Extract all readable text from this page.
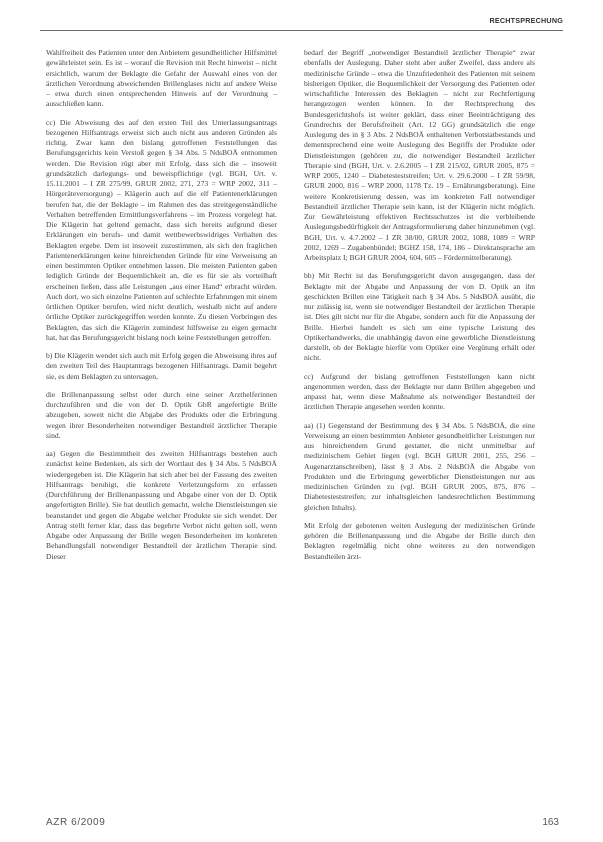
RECHTSPRECHUNG

Wahlfreiheit des Patienten unter den Anbietern gesundheitlicher Hilfsmittel gewährleistet sein. Es ist – worauf die Revision mit Recht hinweist – nicht ersichtlich, warum der Beklagte die Gefahr der Auswahl eines von der ärztlichen Verordnung abweichenden Brillenglases nicht auf andere Weise – etwa durch einen entsprechenden Hinweis auf der Verordnung – ausschließen kann.

cc) Die Abweisung des auf den ersten Teil des Unterlassungsantrags bezogenen Hilfsantrags erweist sich auch nicht aus anderen Gründen als richtig. Zwar kann den bislang getroffenen Feststellungen das Berufungsgerichts kein Verstoß gegen § 34 Abs. 5 NdsBOÄ entnommen werden. Die Revision rügt aber mit Erfolg, dass sich die – insoweit grundsätzlich darlegungs- und beweispflichtige (vgl. BGH, Urt. v. 15.11.2001 – I ZR 275/99, GRUR 2002, 271, 273 = WRP 2002, 311 – Hörgeräteversorgung) – Klägerin auch auf die elf Patientenerklärungen berufen hat, die der Beklagte – im Rahmen des das streitgegenständliche Verhalten betreffenden Ermittlungsverfahrens – im Prozess vorgelegt hat. Die Klägerin hat geltend gemacht, dass sich bereits aufgrund dieser Erklärungen ein berufs- und damit wettbewerbswidriges Verhalten des Beklagten ergebe. Dem ist insoweit zuzustimmen, als sich den fraglichen Patientenerklärungen keine hinreichenden Gründe für eine Verweisung an einen bestimmten Optiker entnehmen lassen. Die meisten Patienten gaben lediglich Gründe der Bequemlichkeit an, die es für sie als vorteilhaft erscheinen ließen, dass alle Leistungen „aus einer Hand“ erbracht würden. Auch dort, wo sich einzelne Patienten auf schlechte Erfahrungen mit einem örtlichen Optiker berufen, wird nicht deutlich, weshalb nicht auf andere örtliche Optiker zurückgegriffen werden konnte. Zu diesen Vorbringen des Beklagten, das sich die Klägerin zumindest hilfsweise zu eigen gemacht hat, hat das Berufungsgericht bislang noch keine Feststellungen getroffen.

b) Die Klägerin wendet sich auch mit Erfolg gegen die Abweisung ihres auf den zweiten Teil des Hauptantrags bezogenen Hilfsantrags. Damit begehrt sie, es dem Beklagten zu untersagen,

die Brillenanpassung selbst oder durch eine seiner Arzthelferinnen durchzuführen und die von der D. Optik GbR angefertigte Brille abzugeben, soweit nicht die Abgabe des Produkts oder die Erbringung wegen ihrer Besonderheiten notwendiger Bestandteil ärztlicher Therapie sind.

aa) Gegen die Bestimmtheit des zweiten Hilfsantrags bestehen auch zunächst keine Bedenken, als sich der Wortlaut des § 34 Abs. 5 NdsBOÄ wiedergegeben ist. Die Klägerin hat sich aber bei der Fassung des zweiten Hilfsantrags beruhigt, die konkrete Verletzungsform zu erfassen (Durchführung der Brillenanpassung und Abgabe einer von der D. Optik angefertigten Brille). Sie hat deutlich gemacht, welche Dienstleistungen sie beanstandet und gegen die Abgabe welcher Produkte sie sich wendet. Der Antrag stellt ferner klar, dass das begehrte Verbot nicht gelten soll, wenn Abgabe oder Anpassung der Brille wegen Besonderheiten im konkreten Behandlungsfall notwendiger Bestandteil der ärztlichen Therapie sind. Dieser

bedarf der Begriff „notwendiger Bestandteil ärztlicher Therapie“ zwar ebenfalls der Auslegung. Daher steht aber außer Zweifel, dass andere als medizinische Gründe – etwa die Unzufriedenheit des Patienten mit seinem bisherigen Optiker, die Bequemlichkeit der Versorgung des Patienten oder wirtschaftliche Interessen des Beklagten – nicht zur Rechtfertigung herangezogen werden können. In der Rechtsprechung des Bundesgerichtshofs ist weiter geklärt, dass einer Beeinträchtigung des Grundrechts der Berufsfreiheit (Art. 12 GG) grundsätzlich die enge Auslegung des in § 3 Abs. 2 NdsBOÄ enthaltenen Verbotstatbestands und dementsprechend eine weite Auslegung des Begriffs der Produkte oder Dienstleistungen (gehören zu, die notwendiger Bestandteil ärztlicher Therapie sind (BGH, Urt. v. 2.6.2005 – I ZR 215/02, GRUR 2005, 875 = WRP 2005, 1240 – Diabetesteststreifen; Urt. v. 29.6.2000 – I ZR 59/98, GRUR 2000, 816 – WRP 2000, 1178 Tz. 19 – Ernährungsberatung). Eine weitere Konkretisierung dessen, was im konkreten Fall notwendiger Bestandteil ärztlicher Therapie sein kann, ist der Klägerin nicht möglich. Zur Gewährleistung effektiven Rechtsschutzes ist die verbleibende Auslegungsbedürftigkeit der Antragsformulierung daher hinzunehmen (vgl. BGH, Urt. v. 4.7.2002 – I ZR 38/00, GRUR 2002, 1088, 1089 = WRP 2002, 1269 – Zugabenbündel; BGHZ 158, 174, 186 – Direktansprache am Arbeitsplatz I; BGH GRUR 2004, 604, 605 – Fördermittelberatung).

bb) Mit Recht ist das Berufungsgericht davon ausgegangen, dass der Beklagte mit der Abgabe und Anpassung der von D. Optik an ihn geschickten Brillen eine Tätigkeit nach § 34 Abs. 5 NdsBOÄ ausübt, die nur zulässig ist, wenn sie notwendiger Bestandteil der ärztlichen Therapie ist. Dies gilt nicht nur für die Abgabe, sondern auch für die Anpassung der Brille. Hierbei handelt es sich um eine typische Leistung des Optikerhandwerks, die unabhängig davon eine gewerbliche Dienstleistung darstellt, ob der Beklagte hierfür vom Optiker eine Vergütung erhält oder nicht.

cc) Aufgrund der bislang getroffenen Feststellungen kann nicht angenommen werden, dass der Beklagte nur dann Brillen abgegeben und anpasst hat, wenn diese Maßnahme als notwendiger Bestandteil der ärztlichen Therapie angesehen werden konnte.

aa) (1) Gegenstand der Bestimmung des § 34 Abs. 5 NdsBOÄ, die eine Verweisung an einen bestimmten Anbieter gesundheitlicher Leistungen nur aus hinreichendem Grund gestattet, die nicht unmittelbar auf medizinischem Gebiet liegen (vgl. BGH GRUR 2001, 255, 256 – Augenarztanschreiben), lässt § 3 Abs. 2 NdsBOÄ die Abgabe von Produkten und die Erbringung gewerblicher Dienstleistungen nur aus medizinischen Gründen zu (vgl. BGH GRUR 2005, 875, 876 – Diabetesteststreifen; zur inhaltsgleichen landesrechtlichen Bestimmung gleichen Inhalts).

Mit Erfolg der gebotenen weiten Auslegung der medizinischen Gründe gehören die Brillenanpassung und die Abgabe der Brille durch den Beklagten regelmäßig nicht ohne weiteres zu den notwendigen Bestandteilen ärzt-

AZR 6/2009	163
